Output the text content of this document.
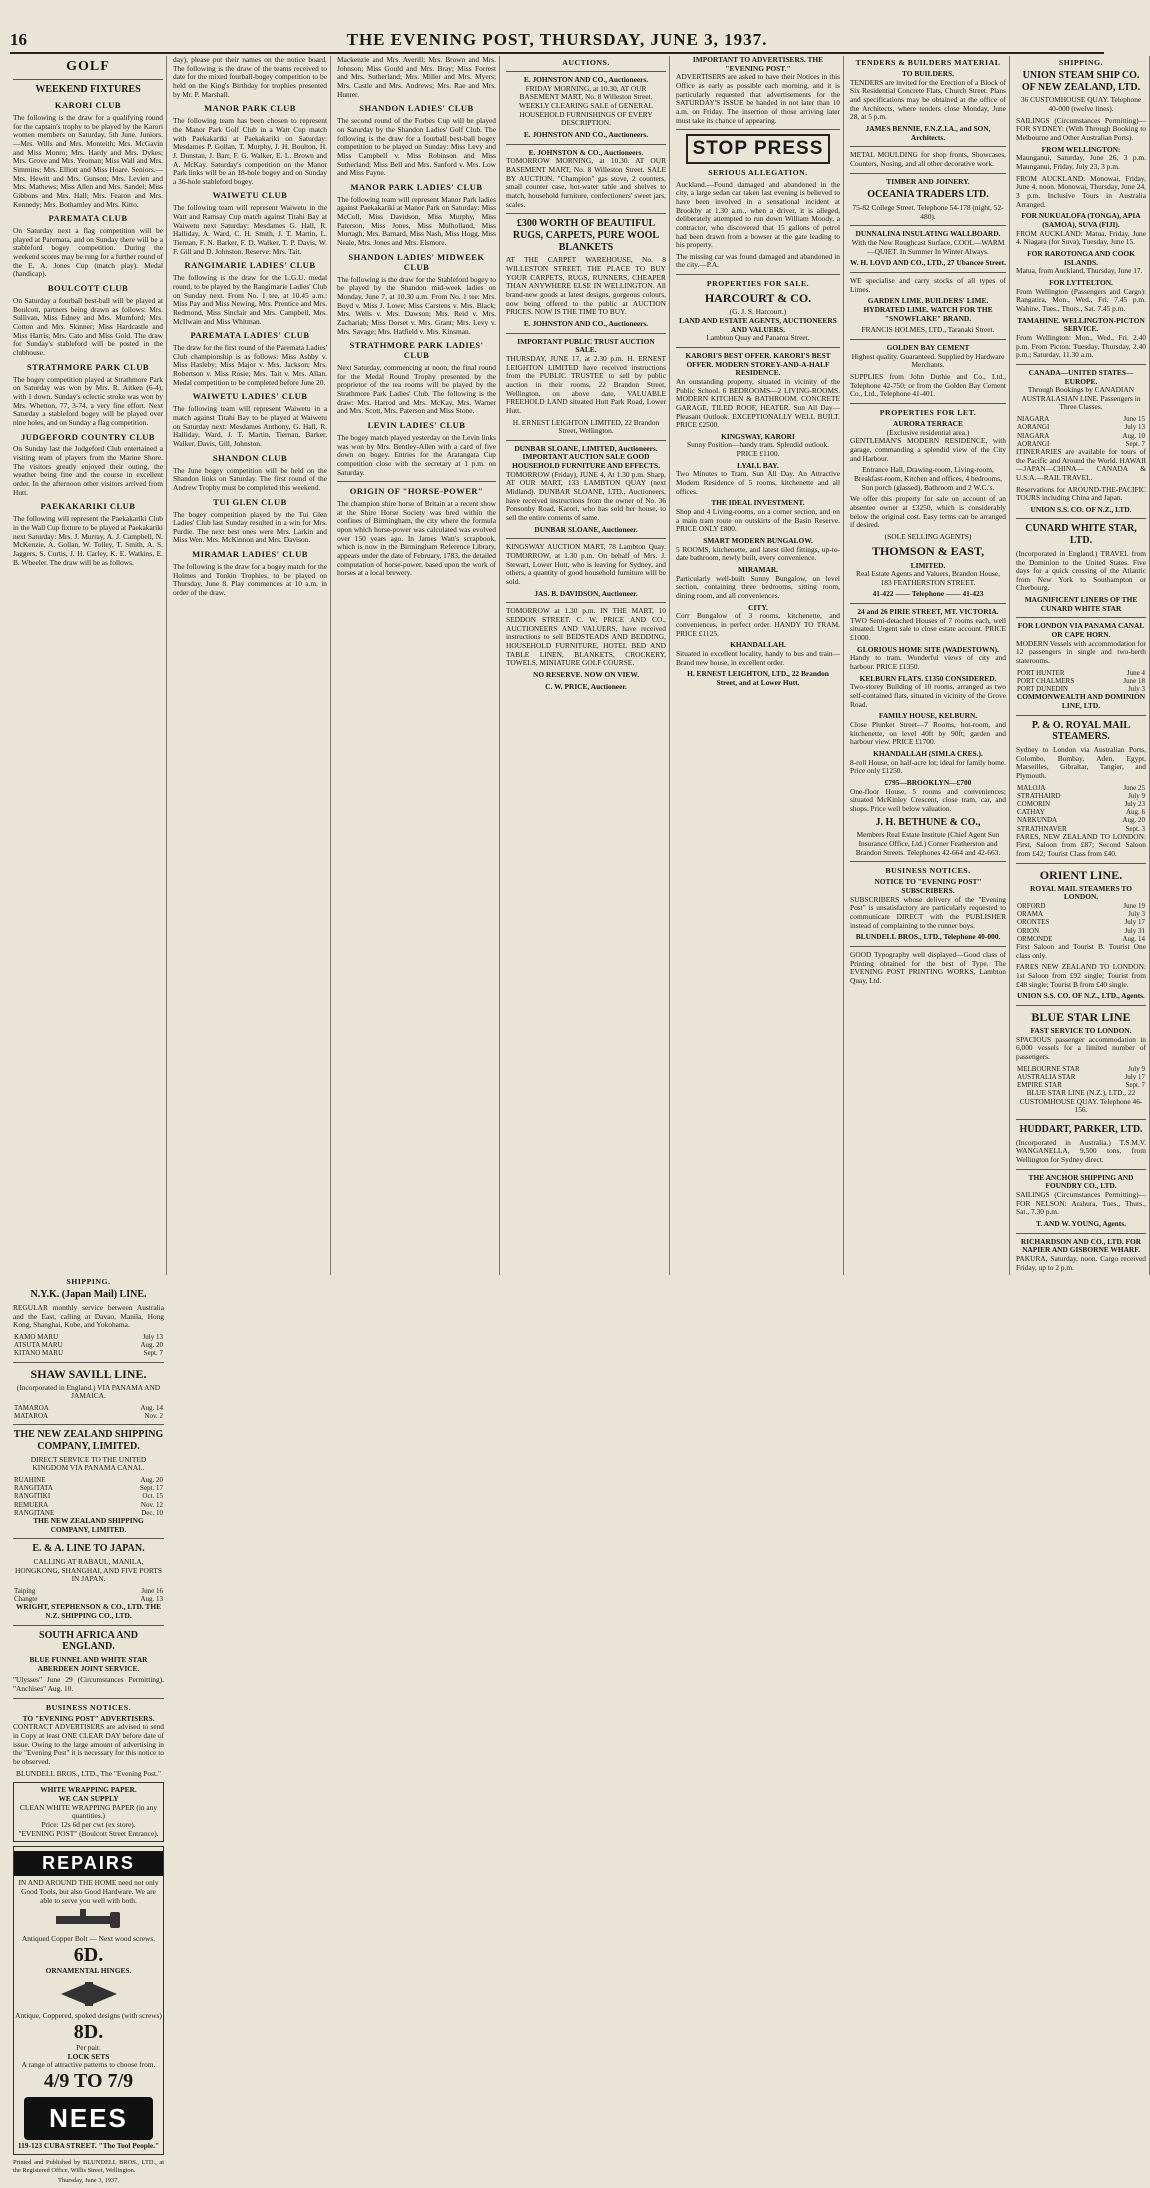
16	THE EVENING POST, THURSDAY, JUNE 3, 1937.
GOLF
WEEKEND FIXTURES
KARORI CLUB

The following is the draw for a qualifying round for the captain's trophy to be played by the Karori women members on Saturday, 5th June. Juniors.—Mrs. Wills and Mrs. Monteith; Mrs. McGavin and Miss Monro; Mrs. Hardy and Mrs. Dykes; Mrs. Grove and Mrs. Yeoman; Miss Wall and Mrs. Simmins; Mrs. Elliott and Miss Hoare. Seniors.—Mrs. Hewitt and Mrs. Gunson; Mrs. Levien and Mrs. Mathews; Miss Allen and Mrs. Sandel; Miss Gibbons and Mrs. Hall; Mrs. Fearon and Mrs. Kennedy; Mrs. Bothamley and Mrs. Kitto.

PAREMATA CLUB

On Saturday next a flag competition will be played at Paremata, and on Sunday there will be a stableford bogey competition. During the weekend scores may be rung for a further round of the E. A. Jones Cup (match play). Medal (handicap).

BOULCOTT CLUB

On Saturday a fourball best-ball will be played at Boulcott, partners being drawn as follows: Mrs. Sullivan, Miss Edney and Mrs. Mumford; Mrs. Cotton and Mrs. Skinner; Miss Hardcastle and Miss Harris; Mrs. Cato and Miss Gold. The draw for Sunday's stableford will be posted in the clubhouse.

STRATHMORE PARK CLUB

The bogey competition played at Strathmore Park on Saturday was won by Mrs. R. Aitken (6-4), with 1 down. Sunday's eclectic stroke was won by Mrs. Whetton, 77, 3-74, a very fine effort. Next Saturday a stableford bogey will be played over nine holes, and on Sunday a flag competition.

JUDGEFORD COUNTRY CLUB

On Sunday last the Judgeford Club entertained a visiting team of players from the Marine Shore. The visitors greatly enjoyed their outing, the weather being fine and the course in excellent order. In the afternoon other visitors arrived from Hutt.

PAEKAKARIKI CLUB

The following will represent the Paekakariki Club in the Wall Cup fixture to be played at Paekakariki next Saturday: Mrs. J. Murray, A. J. Campbell, N. McKenzie, A. Gollan, W. Tolley, T. Smith, A. S. Jaggers, S. Curtis, J. H. Carley, K. E. Watkins, E. B. Wheeler. The draw will be as follows.

day), please put their names on the notice board. The following is the draw of the teams received to date for the mixed fourball-bogey competition to be held on the King's Birthday for trophies presented by Mr. P. Marshall.

MANOR PARK CLUB

The following team has been chosen to represent the Manor Park Golf Club in a Watt Cup match with Paekakariki at Paekakariki on Saturday: Mesdames P. Gollan, T. Murphy, J. H. Boulton, H. J. Dunstan, J. Barr, F. G. Walker, E. L. Brown and A. McKay. Saturday's competition on the Manor Park links will be an 18-hole bogey and on Sunday a 36-hole stableford bogey.

WAIWETU CLUB

The following team will represent Waiwetu in the Watt and Ramsay Cup match against Titahi Bay at Waiwetu next Saturday: Mesdames G. Hall, R. Halliday, A. Ward, C. H. Smith, J. T. Martin, L. Tiernan, F. N. Barker, F. D. Walker, T. P. Davis, W. F. Gill and D. Johnston. Reserve: Mrs. Tait.

RANGIMARIE LADIES' CLUB

The following is the draw for the L.G.U. medal round, to be played by the Rangimarie Ladies' Club on Sunday next. From No. 1 tee, at 10.45 a.m.: Miss Pay and Miss Newing, Mrs. Prentice and Mrs. Redmond, Miss Sinclair and Mrs. Campbell, Mrs. McIlwain and Miss Whitman.

PAREMATA LADIES' CLUB

The draw for the first round of the Paremata Ladies' Club championship is as follows: Miss Ashby v. Miss Hasleby; Miss Major v. Mrs. Jackson; Mrs. Robertson v. Miss Rosie; Mrs. Tait v. Mrs. Allan. Medal competition to be completed before June 20.

WAIWETU LADIES' CLUB

The following team will represent Waiwetu in a match against Titahi Bay to be played at Waiwetu on Saturday next: Mesdames Anthony, G. Hall, R. Halliday, Ward, J. T. Martin, Tiernan, Barker, Walker, Davis, Gill, Johnston.

SHANDON CLUB

The June bogey competition will be held on the Shandon links on Saturday. The first round of the Andrew Trophy must be completed this weekend.

TUI GLEN CLUB

The bogey competition played by the Tui Glen Ladies' Club last Sunday resulted in a win for Mrs. Purdie. The next best ones were Mrs. Larkin and Miss Wen. Mrs. McKinnon and Mrs. Davison.

MIRAMAR LADIES' CLUB

The following is the draw for a bogey match for the Holmes and Tonkin Trophies, to be played on Thursday, June 8. Play commences at 10 a.m. in order of the draw.

Mackenzie and Mrs. Averill; Mrs. Brown and Mrs. Johnson; Miss Gould and Mrs. Bray; Miss Forrest and Mrs. Sutherland; Mrs. Miller and Mrs. Myers; Mrs. Castle and Mrs. Andrews; Mrs. Rae and Mrs. Hunter.

SHANDON LADIES' CLUB

The second round of the Forbes Cup will be played on Saturday by the Shandon Ladies' Golf Club. The following is the draw for a fourball best-ball bogey competition to be played on Sunday: Miss Levy and Miss Campbell v. Miss Robinson and Miss Sutherland; Miss Bell and Mrs. Sanford v. Mrs. Low and Miss Payne.

MANOR PARK LADIES' CLUB

The following team will represent Manor Park ladies against Paekakariki at Manor Park on Saturday: Miss McColl, Miss Davidson, Miss Murphy, Miss Paterson, Miss Jones, Miss Mulholland, Miss Murtagh, Mrs. Barnard, Miss Nash, Miss Hogg, Miss Neale, Mrs. Jones and Mrs. Elsmore.

SHANDON LADIES' MIDWEEK CLUB

The following is the draw for the Stableford bogey to be played by the Shandon mid-week ladies on Monday, June 7, at 10.30 a.m. From No. 1 tee: Mrs. Boyd v. Miss J. Lowe; Miss Carstens v. Mrs. Black; Mrs. Wells v. Mrs. Dawson; Mrs. Reid v. Mrs. Zachariah; Miss Dorset v. Mrs. Grant; Mrs. Levy v. Mrs. Savage; Mrs. Hatfield v. Mrs. Kinsman.

STRATHMORE PARK LADIES' CLUB

Next Saturday, commencing at noon, the final round for the Medal Round Trophy presented by the proprietor of the tea rooms will be played by the Strathmore Park Ladies' Club. The following is the draw: Mrs. Harrod and Mrs. McKay, Mrs. Warner and Mrs. Scott, Mrs. Paterson and Miss Stone.

LEVIN LADIES' CLUB

The bogey match played yesterday on the Levin links was won by Mrs. Bentley-Allen with a card of five down on bogey. Entries for the Aratangata Cup competition close with the secretary at 1 p.m. on Saturday.

ORIGIN OF "HORSE-POWER"

The champion shire horse of Britain at a recent show at the Shire Horse Society was bred within the confines of Birmingham, the city where the formula upon which horse-power was calculated was evolved over 150 years ago. In James Watt's scrapbook, which is now in the Birmingham Reference Library, appears under the date of February, 1783, the detailed computation of horse-power, based upon the work of horses at a local brewery.

AUCTIONS.
E. JOHNSTON AND CO., Auctioneers.

FRIDAY MORNING, at 10.30, AT OUR BASEMENT MART, No. 8 Willeston Street. WEEKLY CLEARING SALE of GENERAL HOUSEHOLD FURNISHINGS OF EVERY DESCRIPTION.

E. JOHNSTON AND CO., Auctioneers.

E. JOHNSTON & CO., Auctioneers.

TOMORROW MORNING, at 10.30. AT OUR BASEMENT MART, No. 8 Willeston Street. SALE BY AUCTION. "Champion" gas stove, 2 counters, small counter case, hot-water table and shelves to match, household furniture, confectioners' sweet jars, scales.

£300 WORTH OF BEAUTIFUL RUGS, CARPETS, PURE WOOL BLANKETS

AT THE CARPET WAREHOUSE, No. 8 WILLESTON STREET. THE PLACE TO BUY YOUR CARPETS, RUGS, RUNNERS, CHEAPER THAN ANYWHERE ELSE IN WELLINGTON. All brand-new goods at latest designs, gorgeous colours, now being offered to the public at AUCTION PRICES. NOW IS THE TIME TO BUY.

E. JOHNSTON AND CO., Auctioneers.

IMPORTANT PUBLIC TRUST AUCTION SALE.

THURSDAY, JUNE 17, at 2.30 p.m. H. ERNEST LEIGHTON LIMITED have received instructions from the PUBLIC TRUSTEE to sell by public auction in their rooms, 22 Brandon Street, Wellington, on above date, VALUABLE FREEHOLD LAND situated Hutt Park Road, Lower Hutt.

H. ERNEST LEIGHTON LIMITED, 22 Brandon Street, Wellington.

DUNBAR SLOANE, LIMITED, Auctioneers.
IMPORTANT AUCTION SALE GOOD HOUSEHOLD FURNITURE AND EFFECTS.

TOMORROW (Friday), JUNE 4, At 1.30 p.m. Sharp, AT OUR MART, 133 LAMBTON QUAY (next Midland). DUNBAR SLOANE, LTD., Auctioneers, have received instructions from the owner of No. 36 Ponsonby Road, Karori, who has sold her house, to sell the entire contents of same.

DUNBAR SLOANE, Auctioneer.

KINGSWAY AUCTION MART, 78 Lambton Quay. TOMORROW, at 1.30 p.m. On behalf of Mrs. J. Stewart, Lower Hutt, who is leaving for Sydney, and others, a quantity of good household furniture will be sold.

JAS. B. DAVIDSON, Auctioneer.

TOMORROW at 1.30 p.m. IN THE MART, 10 SEDDON STREET. C. W. PRICE AND CO., AUCTIONEERS AND VALUERS, have received instructions to sell BEDSTEADS AND BEDDING, HOUSEHOLD FURNITURE, HOTEL BED AND TABLE LINEN, BLANKETS, CROCKERY, TOWELS, MINIATURE GOLF COURSE.

NO RESERVE. NOW ON VIEW.

C. W. PRICE, Auctioneer.

IMPORTANT TO ADVERTISERS. THE "EVENING POST."

ADVERTISERS are asked to have their Notices in this Office as early as possible each morning, and it is particularly requested that advertisements for the SATURDAY'S ISSUE be handed in not later than 10 a.m. on Friday. The insertion of those arriving later must take its chance of appearing.

STOP PRESS
SERIOUS ALLEGATION.

Auckland.—Found damaged and abandoned in the city, a large sedan car taken last evening is believed to have been involved in a sensational incident at Brookby at 1.30 a.m., when a driver, it is alleged, deliberately attempted to run down William Moody, a contractor, who discovered that 15 gallons of petrol had been drawn from a bowser at the gate leading to his property.

The missing car was found damaged and abandoned in the city.—P.A.

PROPERTIES FOR SALE.
HARCOURT & CO.
(G. J. S. Harcourt.)
LAND AND ESTATE AGENTS, AUCTIONEERS AND VALUERS.
Lambton Quay and Panama Street.
KARORI'S BEST OFFER. KARORI'S BEST OFFER. MODERN STOREY-AND-A-HALF RESIDENCE.

An outstanding property, situated in vicinity of the Public School. 6 BEDROOMS—2 LIVING-ROOMS. MODERN KITCHEN & BATHROOM. CONCRETE GARAGE, TILED ROOF, HEATER. Sun All Day—Pleasant Outlook. EXCEPTIONALLY WELL BUILT. PRICE £2500.

KINGSWAY, KARORI

Sunny Position—handy tram. Splendid outlook. PRICE £1100.

LYALL BAY.

Two Minutes to Tram. Sun All Day. An Attractive Modern Residence of 5 rooms, kitchenette and all offices.

THE IDEAL INVESTMENT.

Shop and 4 Living-rooms, on a corner section, and on a main tram route on outskirts of the Basin Reserve. PRICE ONLY £800.

SMART MODERN BUNGALOW.

5 ROOMS, kitchenette, and latest tiled fittings, up-to-date bathroom, newly built, every convenience.

MIRAMAR.

Particularly well-built Sunny Bungalow, on level section, containing three bedrooms, sitting room, dining room, and all conveniences.

CITY.

Corr Bungalow of 3 rooms, kitchenette, and conveniences, in perfect order. HANDY TO TRAM. PRICE £1125.

KHANDALLAH.

Situated in excellent locality, handy to bus and train—Brand new house, in excellent order.

H. ERNEST LEIGHTON, LTD., 22 Brandon Street, and at Lower Hutt.

TENDERS & BUILDERS MATERIAL
TO BUILDERS.

TENDERS are invited for the Erection of a Block of Six Residential Concrete Flats, Church Street. Plans and specifications may be obtained at the office of the Architects, where tenders close Monday, June 28, at 5 p.m.

JAMES BENNIE, F.N.Z.I.A., and SON, Architects.

METAL MOULDING for shop fronts, Showcases, Counters, Nosing, and all other decorative work.

TIMBER AND JOINERY.
OCEANIA TRADERS LTD.

75-82 College Street. Telephone 54-178 (night, 52-480).

DUNNALINA INSULATING WALLBOARD.

With the New Roughcast Surface, COOL—WARM—QUIET. In Summer In Winter Always.

W. H. LOVD AND CO., LTD., 27 Ubancee Street.

WE specialise and carry stocks of all types of Limes.

GARDEN LIME. BUILDERS' LIME. HYDRATED LIME. WATCH FOR THE "SNOWFLAKE" BRAND.

FRANCIS HOLMES, LTD., Taranaki Street.

GOLDEN BAY CEMENT

Highest quality. Guaranteed. Supplied by Hardware Merchants.

SUPPLIES from John Duthie and Co., Ltd., Telephone 42-750; or from the Golden Bay Cement Co., Ltd., Telephone 41-401.

PROPERTIES FOR LET.
AURORA TERRACE
(Exclusive residential area.)

GENTLEMAN'S MODERN RESIDENCE, with garage, commanding a splendid view of the City and Harbour.

Entrance Hall, Drawing-room, Living-room, Breakfast-room, Kitchen and offices, 4 bedrooms, Sun porch (glassed), Bathroom and 2 W.C.'s.

We offer this property for sale on account of an absentee owner at £3250, which is considerably below the original cost. Easy terms can be arranged if desired.

(SOLE SELLING AGENTS)
THOMSON & EAST,
LIMITED.

Real Estate Agents and Valuers, Brandon House, 183 FEATHERSTON STREET.

41-422 —— Telephone —— 41-423

24 and 26 PIRIE STREET, MT. VICTORIA.

TWO Semi-detached Houses of 7 rooms each, well situated. Urgent sale to close estate account. PRICE £1000.

GLORIOUS HOME SITE (WADESTOWN).

Handy to tram. Wonderful views of city and harbour. PRICE £1350.

KELBURN FLATS. £1350 CONSIDERED.

Two-storey Building of 10 rooms, arranged as two self-contained flats, situated in vicinity of the Grove Road.

FAMILY HOUSE, KELBURN.

Close Plunket Street—7 Rooms, hot-room, and kitchenette, on level 40ft by 90ft; garden and harbour view. PRICE £1700.

KHANDALLAH (SIMLA CRES.).

8-roll House, on half-acre lot; ideal for family home. Price only £1250.

£795—BROOKLYN—£700

One-floor House, 5 rooms and conveniences; situated McKinley Crescent, close tram, car, and shops. Price well below valuation.

J. H. BETHUNE & CO.,

Members Real Estate Institute (Chief Agent Sun Insurance Office, Ltd.) Corner Featherston and Brandon Streets. Telephones 42-664 and 42-663.

BUSINESS NOTICES.
NOTICE TO "EVENING POST" SUBSCRIBERS.

SUBSCRIBERS whose delivery of the "Evening Post" is unsatisfactory are particularly requested to communicate DIRECT with the PUBLISHER instead of complaining to the runner boys.

BLUNDELL BROS., LTD., Telephone 40-000.

GOOD Typography well displayed—Good class of Printing obtained for the best of Type. The EVENING POST PRINTING WORKS, Lambton Quay, Ltd.

SHIPPING.
UNION STEAM SHIP CO. OF NEW ZEALAND, LTD.

36 CUSTOMHOUSE QUAY. Telephone 40-000 (twelve lines).

SAILINGS (Circumstances Permitting)— FOR SYDNEY: (With Through Booking to Melbourne and Other Australian Ports).

FROM WELLINGTON:

Maunganui, Saturday, June 26, 3 p.m. Maunganui, Friday, July 23, 3 p.m.

FROM AUCKLAND: Monowai, Friday, June 4, noon. Monowai, Thursday, June 24, 3 p.m. Inclusive Tours in Australia Arranged.

FOR NUKUALOFA (TONGA), APIA (SAMOA), SUVA (FIJI).

FROM AUCKLAND: Matua, Friday, June 4. Niagara (for Suva), Tuesday, June 15.

FOR RAROTONGA AND COOK ISLANDS.

Matua, from Auckland, Thursday, June 17.

FOR LYTTELTON.

From Wellington (Passengers and Cargo): Rangatira, Mon., Wed., Fri. 7.45 p.m. Wahine, Tues., Thurs., Sat. 7.45 p.m.

TAMAHINE. WELLINGTON-PICTON SERVICE.

From Wellington: Mon., Wed., Fri. 2.40 p.m. From Picton: Tuesday, Thursday, 2.40 p.m.; Saturday, 11.30 a.m.

CANADA—UNITED STATES—EUROPE.

Through Bookings by CANADIAN AUSTRALASIAN LINE. Passengers in Three Classes.

NIAGARA	June 15
AORANGI	July 13
NIAGARA	Aug. 10
AORANGI	Sept. 7

ITINERARIES are available for tours of the Pacific and Around the World. HAWAII—JAPAN—CHINA— CANADA & U.S.A.—RAIL TRAVEL.

Reservations for AROUND-THE-PACIFIC TOURS including China and Japan.

UNION S.S. CO. OF N.Z., LTD.

CUNARD WHITE STAR, LTD.

(Incorporated in England.) TRAVEL from the Dominion to the United States. Five days for a quick crossing of the Atlantic from New York to Southampton or Cherbourg.

MAGNIFICENT LINERS OF THE CUNARD WHITE STAR

FOR LONDON VIA PANAMA CANAL OR CAPE HORN.

MODERN Vessels with accommodation for 12 passengers in single and two-berth staterooms.

PORT HUNTER	June 4
PORT CHALMERS	June 18
PORT DUNEDIN	July 3

COMMONWEALTH AND DOMINION LINE, LTD.

P. & O. ROYAL MAIL STEAMERS.

Sydney to London via Australian Ports, Colombo, Bombay, Aden, Egypt, Marseilles, Gibraltar, Tangier, and Plymouth.

MALOJA	June 25
STRATHAIRD	July 9
COMORIN	July 23
CATHAY	Aug. 6
NARKUNDA	Aug. 20
STRATHNAVER	Sept. 3

FARES, NEW ZEALAND TO LONDON: First, Saloon from £87; Second Saloon from £42; Tourist Class from £40.

ORIENT LINE.
ROYAL MAIL STEAMERS TO LONDON.
ORFORD	June 19
ORAMA	July 3
ORONTES	July 17
ORION	July 31
ORMONDE	Aug. 14

First Saloon and Tourist B. Tourist One class only.

FARES NEW ZEALAND TO LONDON: 1st Saloon from £92 single; Tourist from £48 single; Tourist B from £40 single.

UNION S.S. CO. OF N.Z., LTD., Agents.

BLUE STAR LINE
FAST SERVICE TO LONDON.

SPACIOUS passenger accommodation in 6,000 vessels for a limited number of passengers.

MELBOURNE STAR	July 9
AUSTRALIA STAR	July 17
EMPIRE STAR	Sept. 7

BLUE STAR LINE (N.Z.), LTD., 22 CUSTOMHOUSE QUAY. Telephone 46-156.

HUDDART, PARKER, LTD.

(Incorporated in Australia.) T.S.M.V. WANGANELLA, 9,500 tons, from Wellington for Sydney direct.

THE ANCHOR SHIPPING AND FOUNDRY CO., LTD.

SAILINGS (Circumstances Permitting)— FOR NELSON: Arahura, Tues., Thurs., Sat., 7.30 p.m.

T. AND W. YOUNG, Agents.

RICHARDSON AND CO., LTD. FOR NAPIER AND GISBORNE WHARF.

PAKURA, Saturday, noon. Cargo received Friday, up to 2 p.m.

SHIPPING.
N.Y.K. (Japan Mail) LINE.

REGULAR monthly service between Australia and the East, calling at Davao, Manila, Hong Kong, Shanghai, Kobe, and Yokohama.

KAMO MARU	July 13
ATSUTA MARU	Aug. 20
KITANO MARU	Sept. 7
SHAW SAVILL LINE.

(Incorporated in England.) VIA PANAMA AND JAMAICA.

TAMAROA	Aug. 14
MATAROA	Nov. 2
THE NEW ZEALAND SHIPPING COMPANY, LIMITED.

DIRECT SERVICE TO THE UNITED KINGDOM VIA PANAMA CANAL.

RUAHINE	Aug. 20
RANGITATA	Sept. 17
RANGITIKI	Oct. 15
REMUERA	Nov. 12
RANGITANE	Dec. 10

THE NEW ZEALAND SHIPPING COMPANY, LIMITED.

E. & A. LINE TO JAPAN.

CALLING AT RABAUL, MANILA, HONGKONG, SHANGHAI, AND FIVE PORTS IN JAPAN.

Taiping	June 16
Changte	Aug. 13

WRIGHT, STEPHENSON & CO., LTD. THE N.Z. SHIPPING CO., LTD.

SOUTH AFRICA AND ENGLAND.

BLUE FUNNEL AND WHITE STAR ABERDEEN JOINT SERVICE.

"Ulysses" June 29 (Circumstances Permitting). "Anchises" Aug. 10.

BUSINESS NOTICES.
TO "EVENING POST" ADVERTISERS.

CONTRACT ADVERTISERS are advised to send in Copy at least ONE CLEAR DAY before date of issue. Owing to the large amount of advertising in the "Evening Post" it is necessary for this notice to be observed.

BLUNDELL BROS., LTD., The "Evening Post."

WHITE WRAPPING PAPER.
WE CAN SUPPLY
CLEAN WHITE WRAPPING PAPER (in any quantities.)
Price: 12s 6d per cwt (ex store).
"EVENING POST" (Boulcott Street Entrance).
REPAIRS

IN AND AROUND THE HOME need not only Good Tools, but also Good Hardware. We are able to serve you well with both.

Antiqued Copper Bolt — Next wood screws.
6D.
ORNAMENTAL HINGES.
Antique, Coppered, spoked designs (with screws)
8D.
Per pair.
LOCK SETS
A range of attractive patterns to choose from.
4/9 TO 7/9
NEES
119-123 CUBA STREET. "The Tool People."

Printed and Published by BLUNDELL BROS., LTD., at the Registered Office, Willis Street, Wellington.

Thursday, June 3, 1937.
